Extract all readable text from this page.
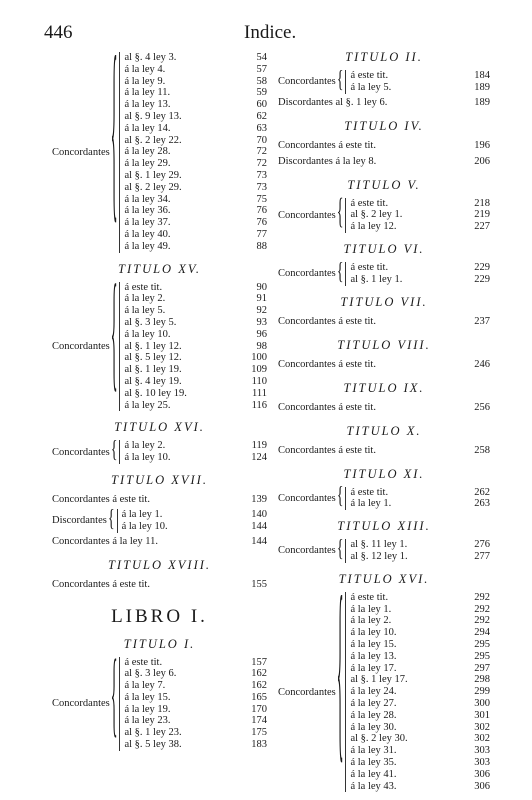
446	Indice.
Concordantes { al §. 4 ley 3.	54
á la ley 4.	57
á la ley 9.	58
á la ley 11.	59
á la ley 13.	60
al §. 9 ley 13.	62
á la ley 14.	63
al §. 2 ley 22.	70
á la ley 28.	72
á la ley 29.	72
al §. 1 ley 29.	73
al §. 2 ley 29.	73
á la ley 34.	75
á la ley 36.	76
á la ley 37.	76
á la ley 40.	77
á la ley 49.	88
TITULO XV.
Concordantes { á este tit.	90
á la ley 2.	91
á la ley 5.	92
al §. 3 ley 5.	93
á la ley 10.	96
al §. 1 ley 12.	98
al §. 5 ley 12.	100
al §. 1 ley 19.	109
al §. 4 ley 19.	110
al §. 10 ley 19.	111
á la ley 25.	116
TITULO XVI.
Concordantes { á la ley 2.	119
á la ley 10.	124
TITULO XVII.
Concordantes á este tit.	139
Discordantes { á la ley 1.	140
á la ley 10.	144
Concordantes á la ley 11.	144
TITULO XVIII.
Concordantes á este tit.	155
LIBRO I.
TITULO I.
Concordantes { á este tit.	157
al §. 3 ley 6.	162
á la ley 7.	162
á la ley 15.	165
á la ley 19.	170
á la ley 23.	174
al §. 1 ley 23.	175
al §. 5 ley 38.	183
TITULO II.
Concordantes { á este tit.	184
á la ley 5.	189
Discordantes al §. 1 ley 6.	189
TITULO IV.
Concordantes á este tit.	196
Discordantes á la ley 8.	206
TITULO V.
Concordantes { á este tit.	218
al §. 2 ley 1.	219
á la ley 12.	227
TITULO VI.
Concordantes { á este tit.	229
al §. 1 ley 1.	229
TITULO VII.
Concordantes á este tit.	237
TITULO VIII.
Concordantes á este tit.	246
TITULO IX.
Concordantes á este tit.	256
TITULO X.
Concordantes á este tit.	258
TITULO XI.
Concordantes { á este tit.	262
á la ley 1.	263
TITULO XIII.
Concordantes { al §. 11 ley 1.	276
al §. 12 ley 1.	277
TITULO XVI.
Concordantes { á este tit.	292
á la ley 1.	292
á la ley 2.	292
á la ley 10.	294
á la ley 15.	295
á la ley 13.	295
á la ley 17.	297
al §. 1 ley 17.	298
á la ley 24.	299
á la ley 27.	300
á la ley 28.	301
á la ley 30.	302
al §. 2 ley 30.	302
á la ley 31.	303
á la ley 35.	303
á la ley 41.	306
á la ley 43.	306
